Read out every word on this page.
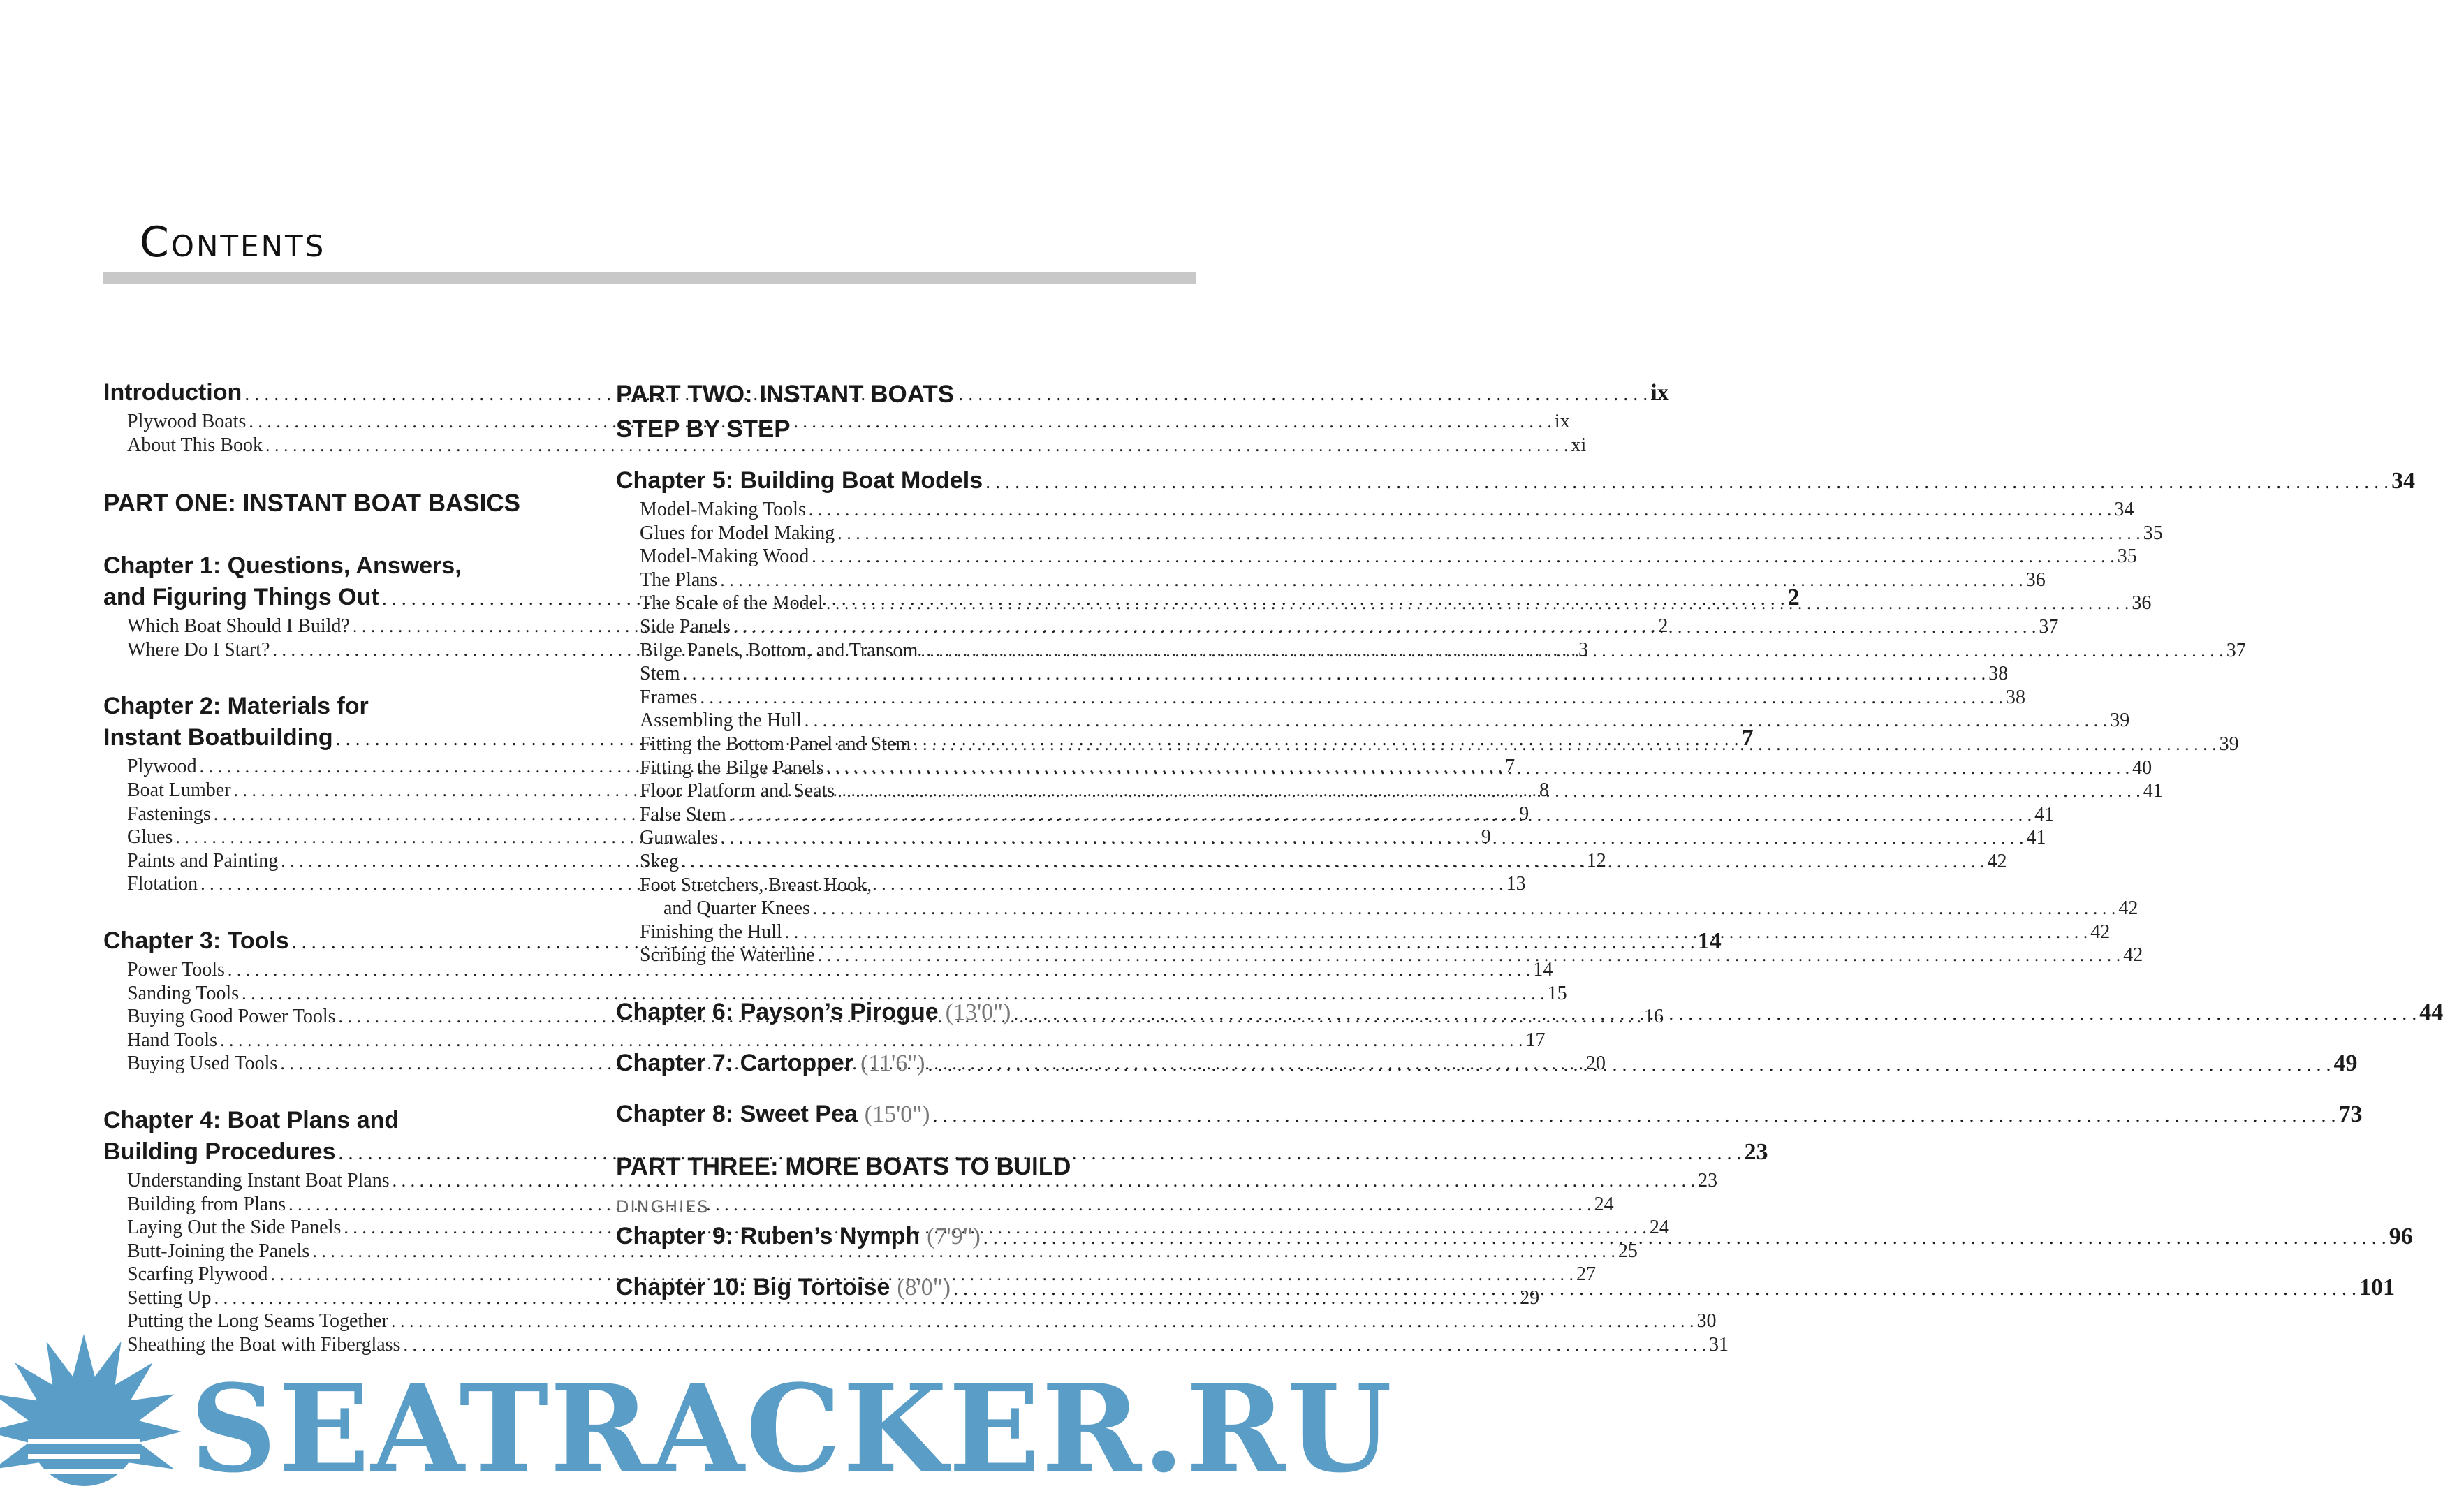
Contents
Introduction . . .	ix
Plywood Boats . . .	ix
About This Book . . .	xi
PART ONE: INSTANT BOAT BASICS
Chapter 1: Questions, Answers,
and Figuring Things Out . . .	2
Which Boat Should I Build? . . .	2
Where Do I Start? . . .	3
Chapter 2: Materials for
Instant Boatbuilding . . .	7
Plywood . . .	7
Boat Lumber . . .	8
Fastenings . . .	9
Glues . . .	9
Paints and Painting . . .	12
Flotation . . .	13
Chapter 3: Tools . . .	14
Power Tools . . .	14
Sanding Tools . . .	15
Buying Good Power Tools . . .	16
Hand Tools . . .	17
Buying Used Tools . . .	20
Chapter 4: Boat Plans and
Building Procedures . . .	23
Understanding Instant Boat Plans . . .	23
Building from Plans . . .	24
Laying Out the Side Panels . . .	24
Butt-Joining the Panels . . .	25
Scarfing Plywood . . .	27
Setting Up . . .	29
Putting the Long Seams Together . . .	30
Sheathing the Boat with Fiberglass . . .	31
PART TWO: INSTANT BOATS
STEP BY STEP
Chapter 5: Building Boat Models . . .	34
Model-Making Tools . . .	34
Glues for Model Making . . .	35
Model-Making Wood . . .	35
The Plans . . .	36
The Scale of the Model . . .	36
Side Panels . . .	37
Bilge Panels, Bottom, and Transom . . .	37
Stem . . .	38
Frames . . .	38
Assembling the Hull . . .	39
Fitting the Bottom Panel and Stem . . .	39
Fitting the Bilge Panels . . .	40
Floor Platform and Seats . . .	41
False Stem . . .	41
Gunwales . . .	41
Skeg . . .	42
Foot Stretchers, Breast Hook,
and Quarter Knees . . .	42
Finishing the Hull . . .	42
Scribing the Waterline . . .	42
Chapter 6: Payson’s Pirogue (13'0") . . .	44
Chapter 7: Cartopper (11'6") . . .	49
Chapter 8: Sweet Pea (15'0") . . .	73
PART THREE: MORE BOATS TO BUILD
DINGHIES
Chapter 9: Ruben’s Nymph (7'9") . . .	96
Chapter 10: Big Tortoise (8'0") . . .	101
SEATRACKER.RU
